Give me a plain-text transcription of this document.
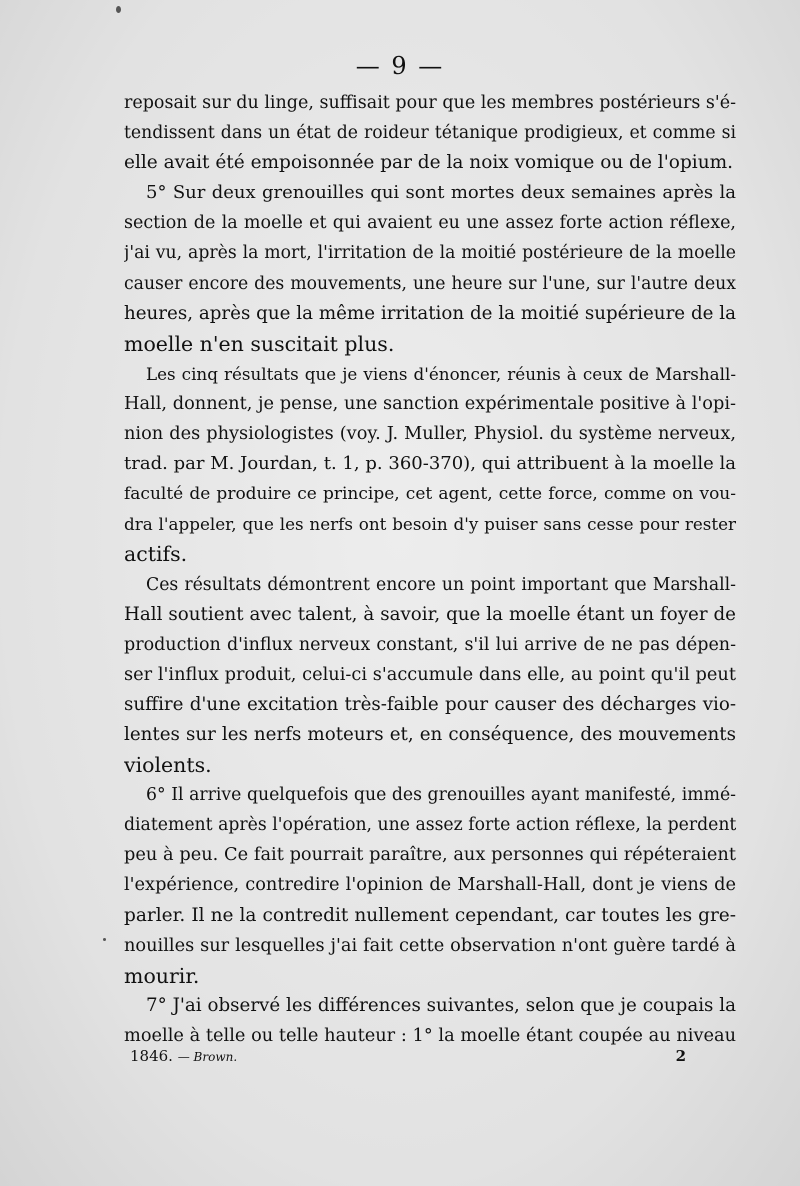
— 9 —
reposait sur du linge, suffisait pour que les membres postérieurs s'é-
tendissent dans un état de roideur tétanique prodigieux, et comme si
elle avait été empoisonnée par de la noix vomique ou de l'opium.
5° Sur deux grenouilles qui sont mortes deux semaines après la
section de la moelle et qui avaient eu une assez forte action réflexe,
j'ai vu, après la mort, l'irritation de la moitié postérieure de la moelle
causer encore des mouvements, une heure sur l'une, sur l'autre deux
heures, après que la même irritation de la moitié supérieure de la
moelle n'en suscitait plus.
Les cinq résultats que je viens d'énoncer, réunis à ceux de Marshall-
Hall, donnent, je pense, une sanction expérimentale positive à l'opi-
nion des physiologistes (voy. J. Muller, Physiol. du système nerveux,
trad. par M. Jourdan, t. 1, p. 360-370), qui attribuent à la moelle la
faculté de produire ce principe, cet agent, cette force, comme on vou-
dra l'appeler, que les nerfs ont besoin d'y puiser sans cesse pour rester
actifs.
Ces résultats démontrent encore un point important que Marshall-
Hall soutient avec talent, à savoir, que la moelle étant un foyer de
production d'influx nerveux constant, s'il lui arrive de ne pas dépen-
ser l'influx produit, celui-ci s'accumule dans elle, au point qu'il peut
suffire d'une excitation très-faible pour causer des décharges vio-
lentes sur les nerfs moteurs et, en conséquence, des mouvements
violents.
6° Il arrive quelquefois que des grenouilles ayant manifesté, immé-
diatement après l'opération, une assez forte action réflexe, la perdent
peu à peu. Ce fait pourrait paraître, aux personnes qui répéteraient
l'expérience, contredire l'opinion de Marshall-Hall, dont je viens de
parler. Il ne la contredit nullement cependant, car toutes les gre-
nouilles sur lesquelles j'ai fait cette observation n'ont guère tardé à
mourir.
7° J'ai observé les différences suivantes, selon que je coupais la
moelle à telle ou telle hauteur : 1° la moelle étant coupée au niveau
1846. — Brown.	2
